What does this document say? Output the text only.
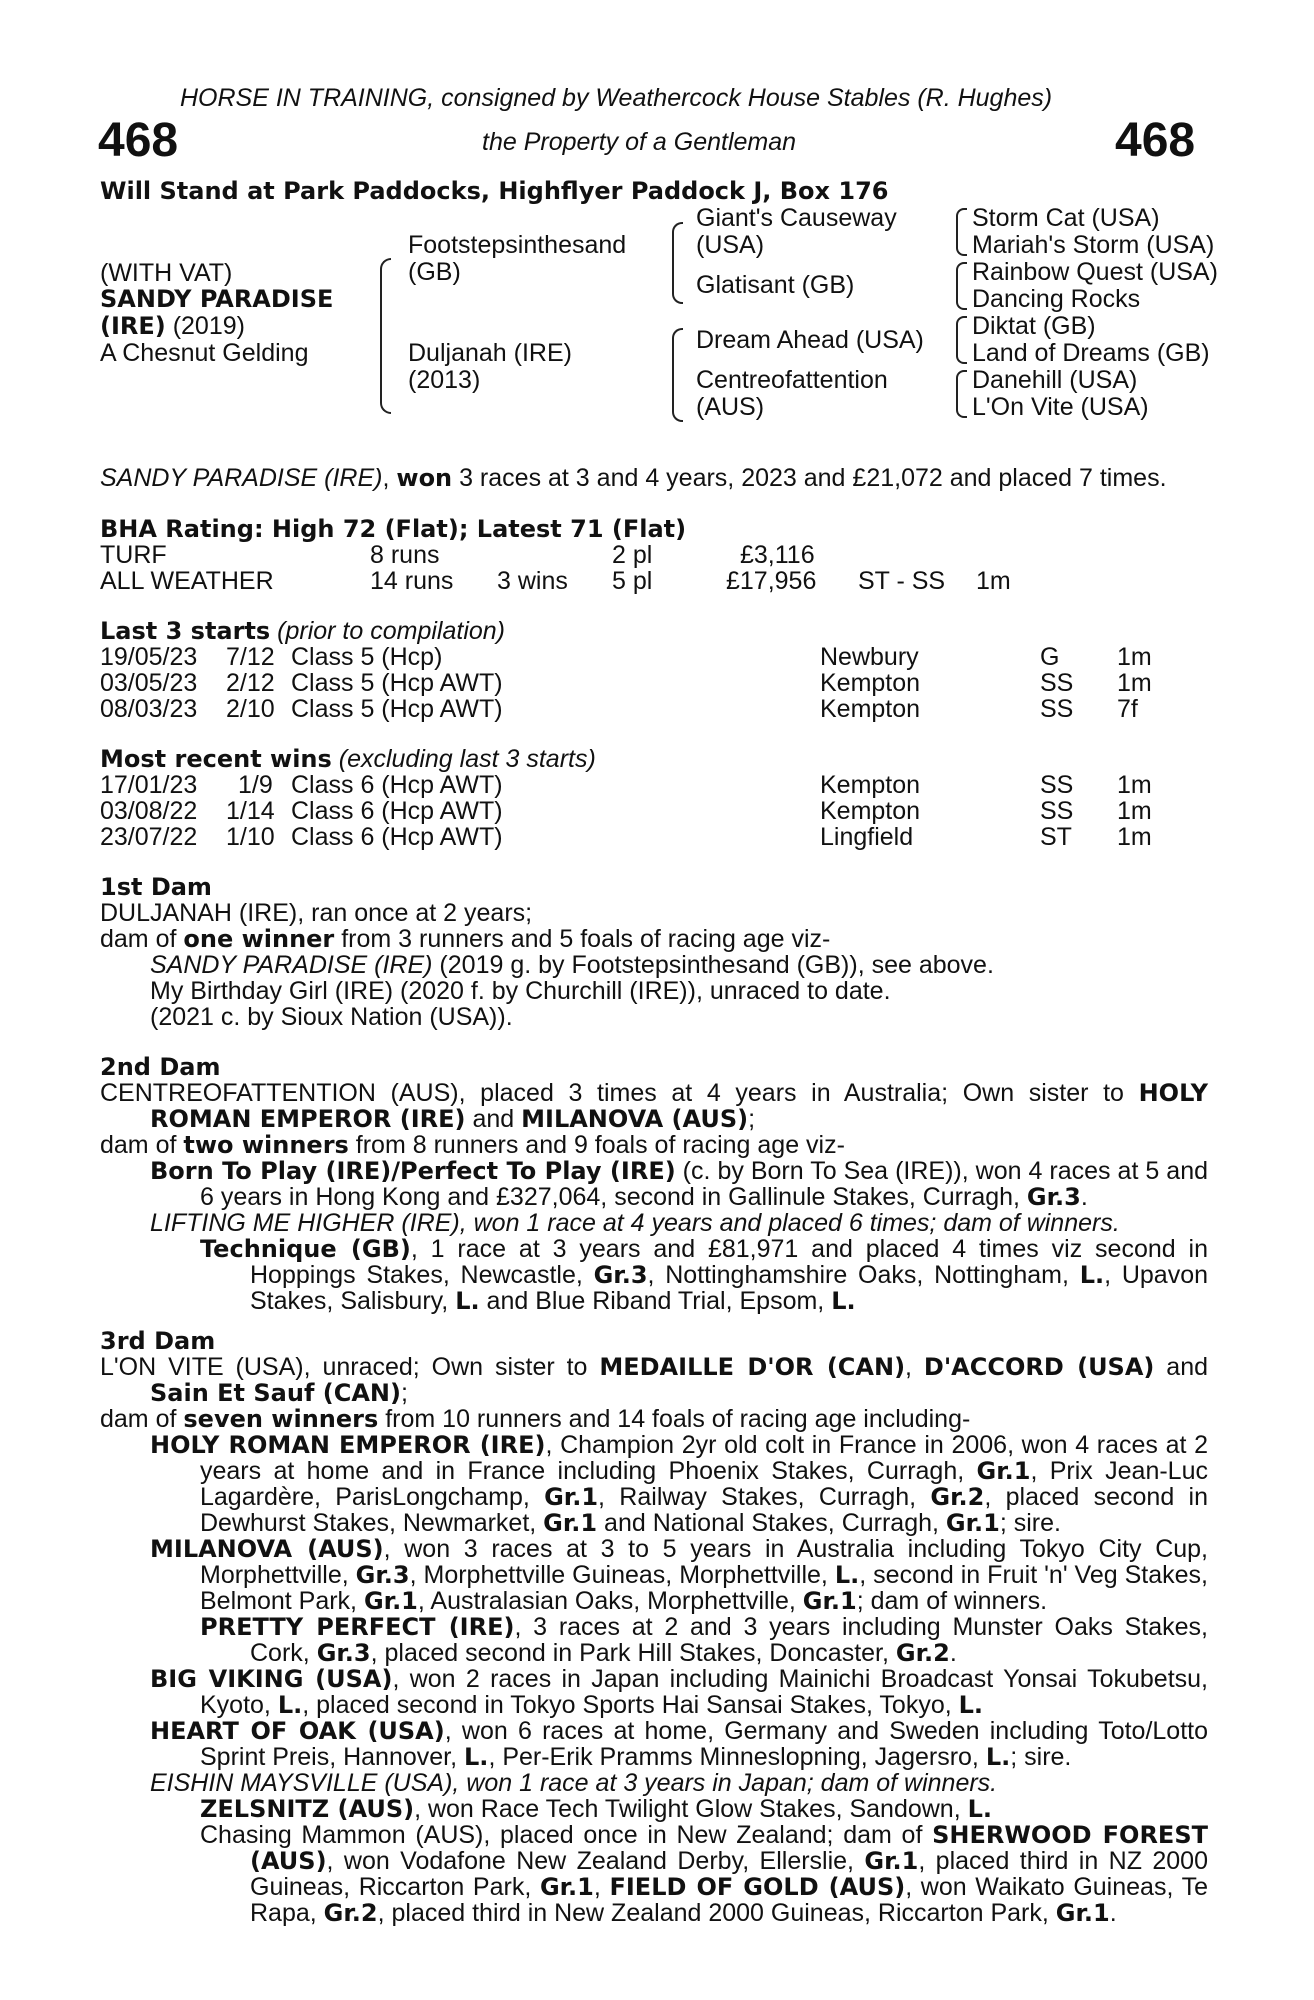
HORSE IN TRAINING, consigned by Weathercock House Stables (R. Hughes)
468	the Property of a Gentleman	468
Will Stand at Park Paddocks, Highflyer Paddock J, Box 176
(WITH VAT)
SANDY PARADISE
(IRE) (2019)
A Chesnut Gelding
Footstepsinthesand
(GB)
Duljanah (IRE)
(2013)
Giant's Causeway
(USA)
Glatisant (GB)
Dream Ahead (USA)
Centreofattention
(AUS)
Storm Cat (USA)
Mariah's Storm (USA)
Rainbow Quest (USA)
Dancing Rocks
Diktat (GB)
Land of Dreams (GB)
Danehill (USA)
L'On Vite (USA)
SANDY PARADISE (IRE), won 3 races at 3 and 4 years, 2023 and £21,072 and placed 7 times.
BHA Rating: High 72 (Flat); Latest 71 (Flat)
TURF	8 runs	2 pl	£3,116
ALL WEATHER	14 runs 3 wins 5 pl	£17,956 ST - SS 1m
Last 3 starts (prior to compilation)
19/05/23 7/12 Class 5 (Hcp)	Newbury	G 1m
03/05/23 2/12 Class 5 (Hcp AWT)	Kempton	SS 1m
08/03/23 2/10 Class 5 (Hcp AWT)	Kempton	SS 7f
Most recent wins (excluding last 3 starts)
17/01/23 1/9 Class 6 (Hcp AWT)	Kempton	SS 1m
03/08/22 1/14 Class 6 (Hcp AWT)	Kempton	SS 1m
23/07/22 1/10 Class 6 (Hcp AWT)	Lingfield	ST 1m

1st Dam

DULJANAH (IRE), ran once at 2 years;

dam of one winner from 3 runners and 5 foals of racing age viz-

SANDY PARADISE (IRE) (2019 g. by Footstepsinthesand (GB)), see above.

My Birthday Girl (IRE) (2020 f. by Churchill (IRE)), unraced to date.

(2021 c. by Sioux Nation (USA)).

2nd Dam

CENTREOFATTENTION (AUS), placed 3 times at 4 years in Australia; Own sister to HOLY ROMAN EMPEROR (IRE) and MILANOVA (AUS);

dam of two winners from 8 runners and 9 foals of racing age viz-

Born To Play (IRE)/Perfect To Play (IRE) (c. by Born To Sea (IRE)), won 4 races at 5 and 6 years in Hong Kong and £327,064, second in Gallinule Stakes, Curragh, Gr.3.

LIFTING ME HIGHER (IRE), won 1 race at 4 years and placed 6 times; dam of winners.

Technique (GB), 1 race at 3 years and £81,971 and placed 4 times viz second in Hoppings Stakes, Newcastle, Gr.3, Nottinghamshire Oaks, Nottingham, L., Upavon Stakes, Salisbury, L. and Blue Riband Trial, Epsom, L.

3rd Dam

L'ON VITE (USA), unraced; Own sister to MEDAILLE D'OR (CAN), D'ACCORD (USA) and Sain Et Sauf (CAN);

dam of seven winners from 10 runners and 14 foals of racing age including-

HOLY ROMAN EMPEROR (IRE), Champion 2yr old colt in France in 2006, won 4 races at 2 years at home and in France including Phoenix Stakes, Curragh, Gr.1, Prix Jean-Luc Lagardère, ParisLongchamp, Gr.1, Railway Stakes, Curragh, Gr.2, placed second in Dewhurst Stakes, Newmarket, Gr.1 and National Stakes, Curragh, Gr.1; sire.

MILANOVA (AUS), won 3 races at 3 to 5 years in Australia including Tokyo City Cup, Morphettville, Gr.3, Morphettville Guineas, Morphettville, L., second in Fruit 'n' Veg Stakes, Belmont Park, Gr.1, Australasian Oaks, Morphettville, Gr.1; dam of winners.

PRETTY PERFECT (IRE), 3 races at 2 and 3 years including Munster Oaks Stakes, Cork, Gr.3, placed second in Park Hill Stakes, Doncaster, Gr.2.

BIG VIKING (USA), won 2 races in Japan including Mainichi Broadcast Yonsai Tokubetsu, Kyoto, L., placed second in Tokyo Sports Hai Sansai Stakes, Tokyo, L.

HEART OF OAK (USA), won 6 races at home, Germany and Sweden including Toto/Lotto Sprint Preis, Hannover, L., Per-Erik Pramms Minneslopning, Jagersro, L.; sire.

EISHIN MAYSVILLE (USA), won 1 race at 3 years in Japan; dam of winners.

ZELSNITZ (AUS), won Race Tech Twilight Glow Stakes, Sandown, L.

Chasing Mammon (AUS), placed once in New Zealand; dam of SHERWOOD FOREST (AUS), won Vodafone New Zealand Derby, Ellerslie, Gr.1, placed third in NZ 2000 Guineas, Riccarton Park, Gr.1, FIELD OF GOLD (AUS), won Waikato Guineas, Te Rapa, Gr.2, placed third in New Zealand 2000 Guineas, Riccarton Park, Gr.1.
